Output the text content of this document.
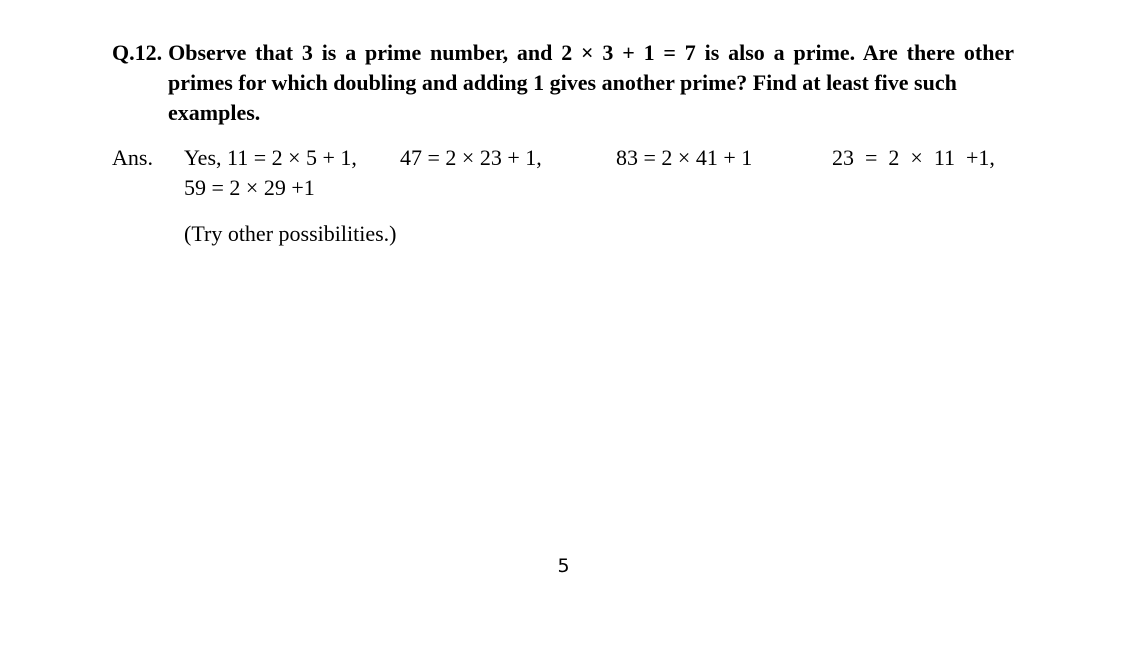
Q.12. Observe that 3 is a prime number, and 2 × 3 + 1 = 7 is also a prime. Are there other
primes for which doubling and adding 1 gives another prime? Find at least five such
examples.
Ans. Yes, 11 = 2 × 5 + 1, 47 = 2 × 23 + 1,	83 = 2 × 41 + 1	23  =  2  ×  11  +1,
59 = 2 × 29 +1
(Try other possibilities.)
5
